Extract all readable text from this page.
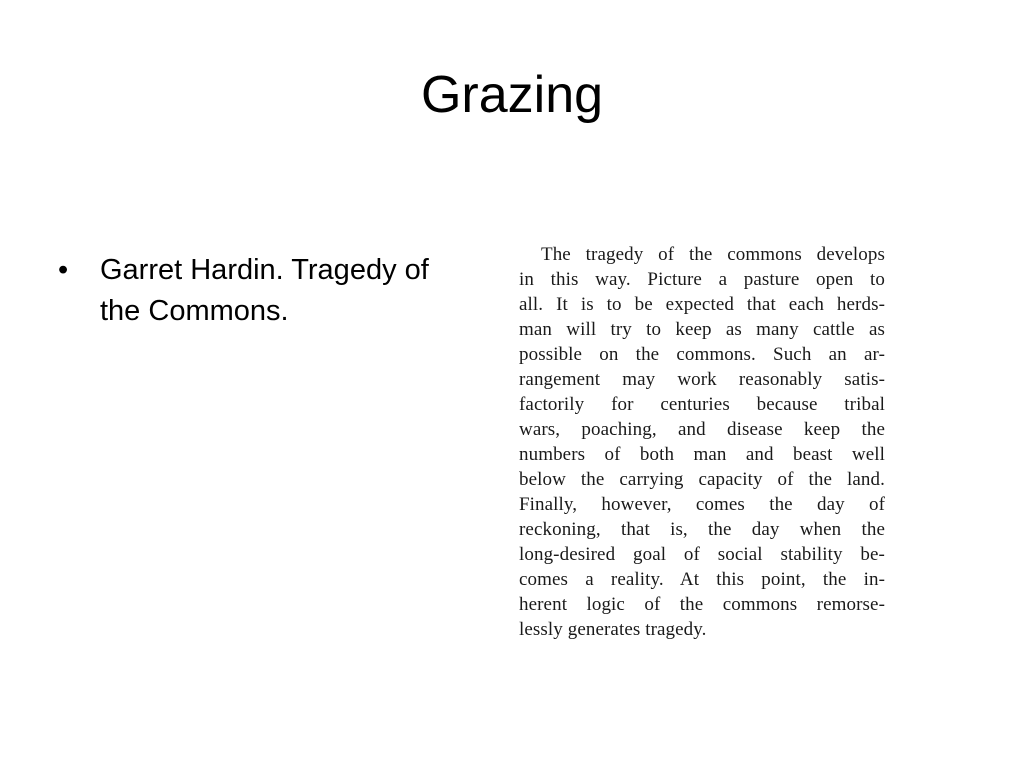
Grazing
•	Garret Hardin. Tragedy of the Commons.
The tragedy of the commons develops
in this way. Picture a pasture open to
all. It is to be expected that each herds-
man will try to keep as many cattle as
possible on the commons. Such an ar-
rangement may work reasonably satis-
factorily for centuries because tribal
wars, poaching, and disease keep the
numbers of both man and beast well
below the carrying capacity of the land.
Finally, however, comes the day of
reckoning, that is, the day when the
long-desired goal of social stability be-
comes a reality. At this point, the in-
herent logic of the commons remorse-
lessly generates tragedy.
